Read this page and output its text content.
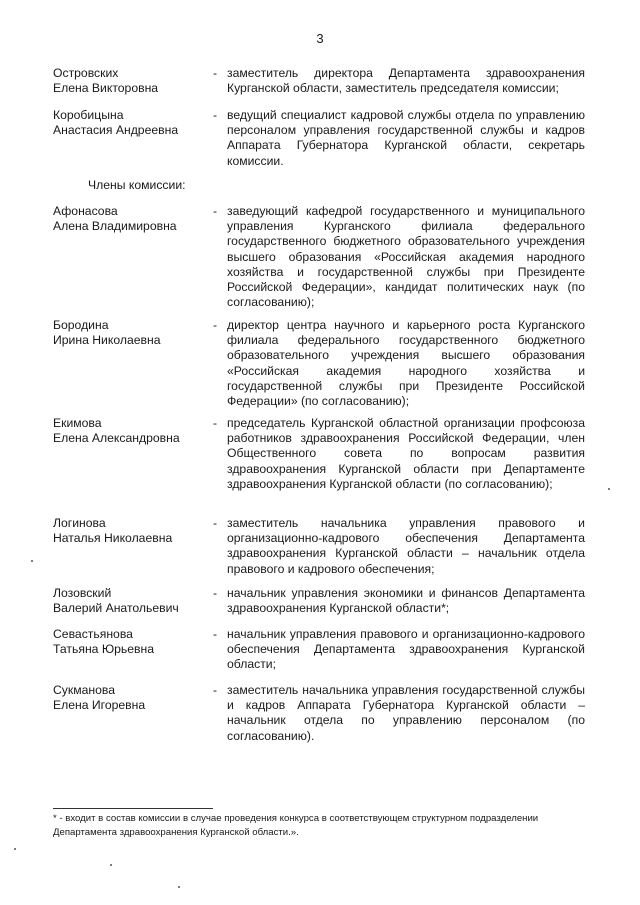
3
Островских
Елена Викторовна
- заместитель директора Департамента здравоохранения Курганской области, заместитель председателя комиссии;
Коробицына
Анастасия Андреевна
- ведущий специалист кадровой службы отдела по управлению персоналом управления государственной службы и кадров Аппарата Губернатора Курганской области, секретарь комиссии.
Члены комиссии:
Афонасова
Алена Владимировна
- заведующий кафедрой государственного и муниципального управления Курганского филиала федерального государственного бюджетного образовательного учреждения высшего образования «Российская академия народного хозяйства и государственной службы при Президенте Российской Федерации», кандидат политических наук (по согласованию);
Бородина
Ирина Николаевна
- директор центра научного и карьерного роста Курганского филиала федерального государственного бюджетного образовательного учреждения высшего образования «Российская академия народного хозяйства и государственной службы при Президенте Российской Федерации» (по согласованию);
Екимова
Елена Александровна
- председатель Курганской областной организации профсоюза работников здравоохранения Российской Федерации, член Общественного совета по вопросам развития здравоохранения Курганской области при Департаменте здравоохранения Курганской области (по согласованию);
Логинова
Наталья Николаевна
- заместитель начальника управления правового и организационно-кадрового обеспечения Департамента здравоохранения Курганской области – начальник отдела правового и кадрового обеспечения;
Лозовский
Валерий Анатольевич
- начальник управления экономики и финансов Департамента здравоохранения Курганской области*;
Севастьянова
Татьяна Юрьевна
- начальник управления правового и организационно-кадрового обеспечения Департамента здравоохранения Курганской области;
Сукманова
Елена Игоревна
- заместитель начальника управления государственной службы и кадров Аппарата Губернатора Курганской области – начальник отдела по управлению персоналом (по согласованию).
* - входит в состав комиссии в случае проведения конкурса в соответствующем структурном подразделении Департамента здравоохранения Курганской области.».
